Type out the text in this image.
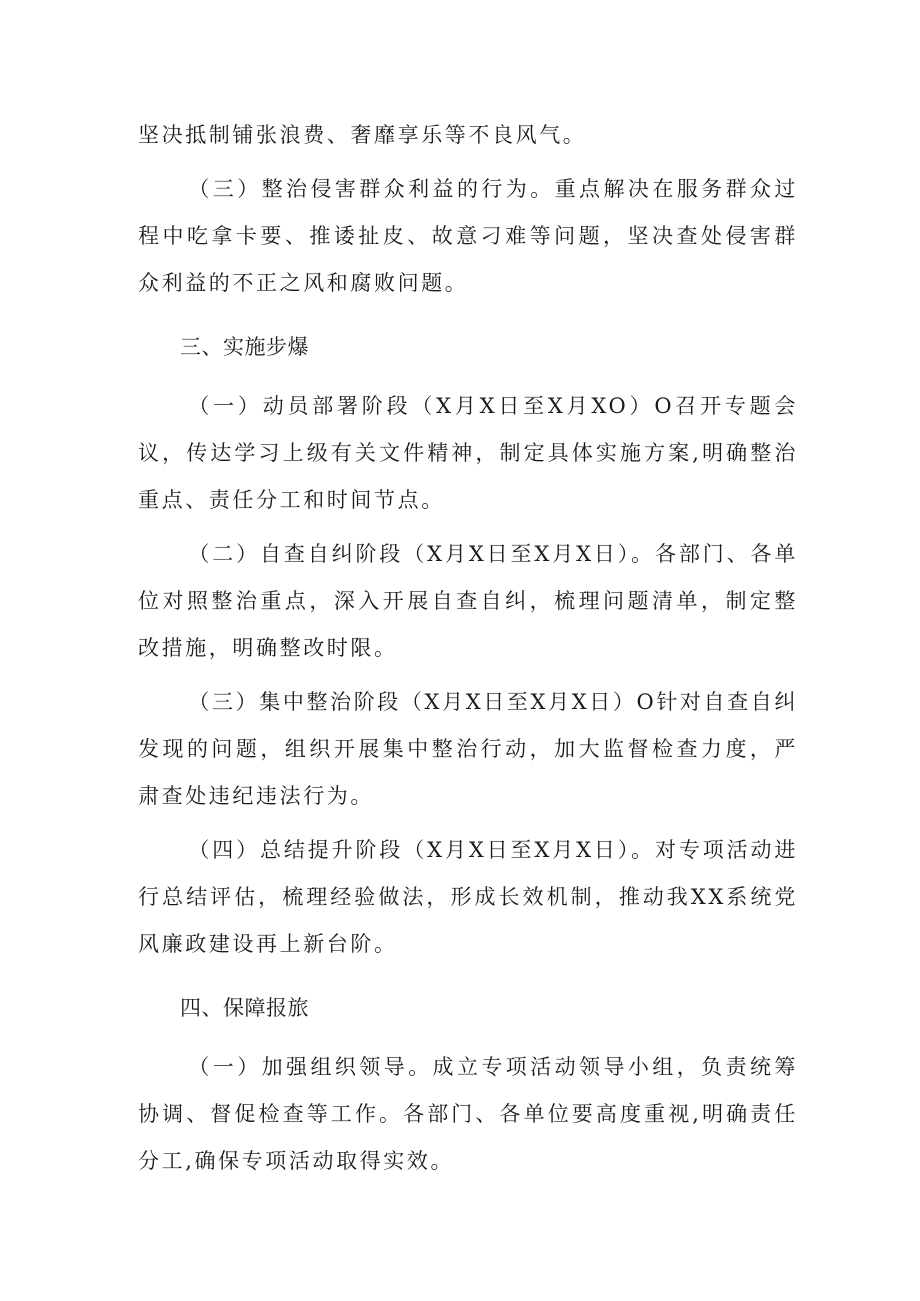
坚决抵制铺张浪费、奢靡享乐等不良风气。

（三）整治侵害群众利益的行为。重点解决在服务群众过程中吃拿卡要、推诿扯皮、故意刁难等问题，坚决查处侵害群众利益的不正之风和腐败问题。

三、实施步爆

（一）动员部署阶段（X月X日至X月XO）O召开专题会议，传达学习上级有关文件精神，制定具体实施方案,明确整治重点、责任分工和时间节点。

（二）自查自纠阶段（X月X日至X月X日）。各部门、各单位对照整治重点，深入开展自查自纠，梳理问题清单，制定整改措施，明确整改时限。

（三）集中整治阶段（X月X日至X月X日）O针对自查自纠发现的问题，组织开展集中整治行动，加大监督检查力度，严肃查处违纪违法行为。

（四）总结提升阶段（X月X日至X月X日）。对专项活动进行总结评估，梳理经验做法，形成长效机制，推动我XX系统党风廉政建设再上新台阶。

四、保障报旅

（一）加强组织领导。成立专项活动领导小组，负责统筹协调、督促检查等工作。各部门、各单位要高度重视,明确责任分工,确保专项活动取得实效。
